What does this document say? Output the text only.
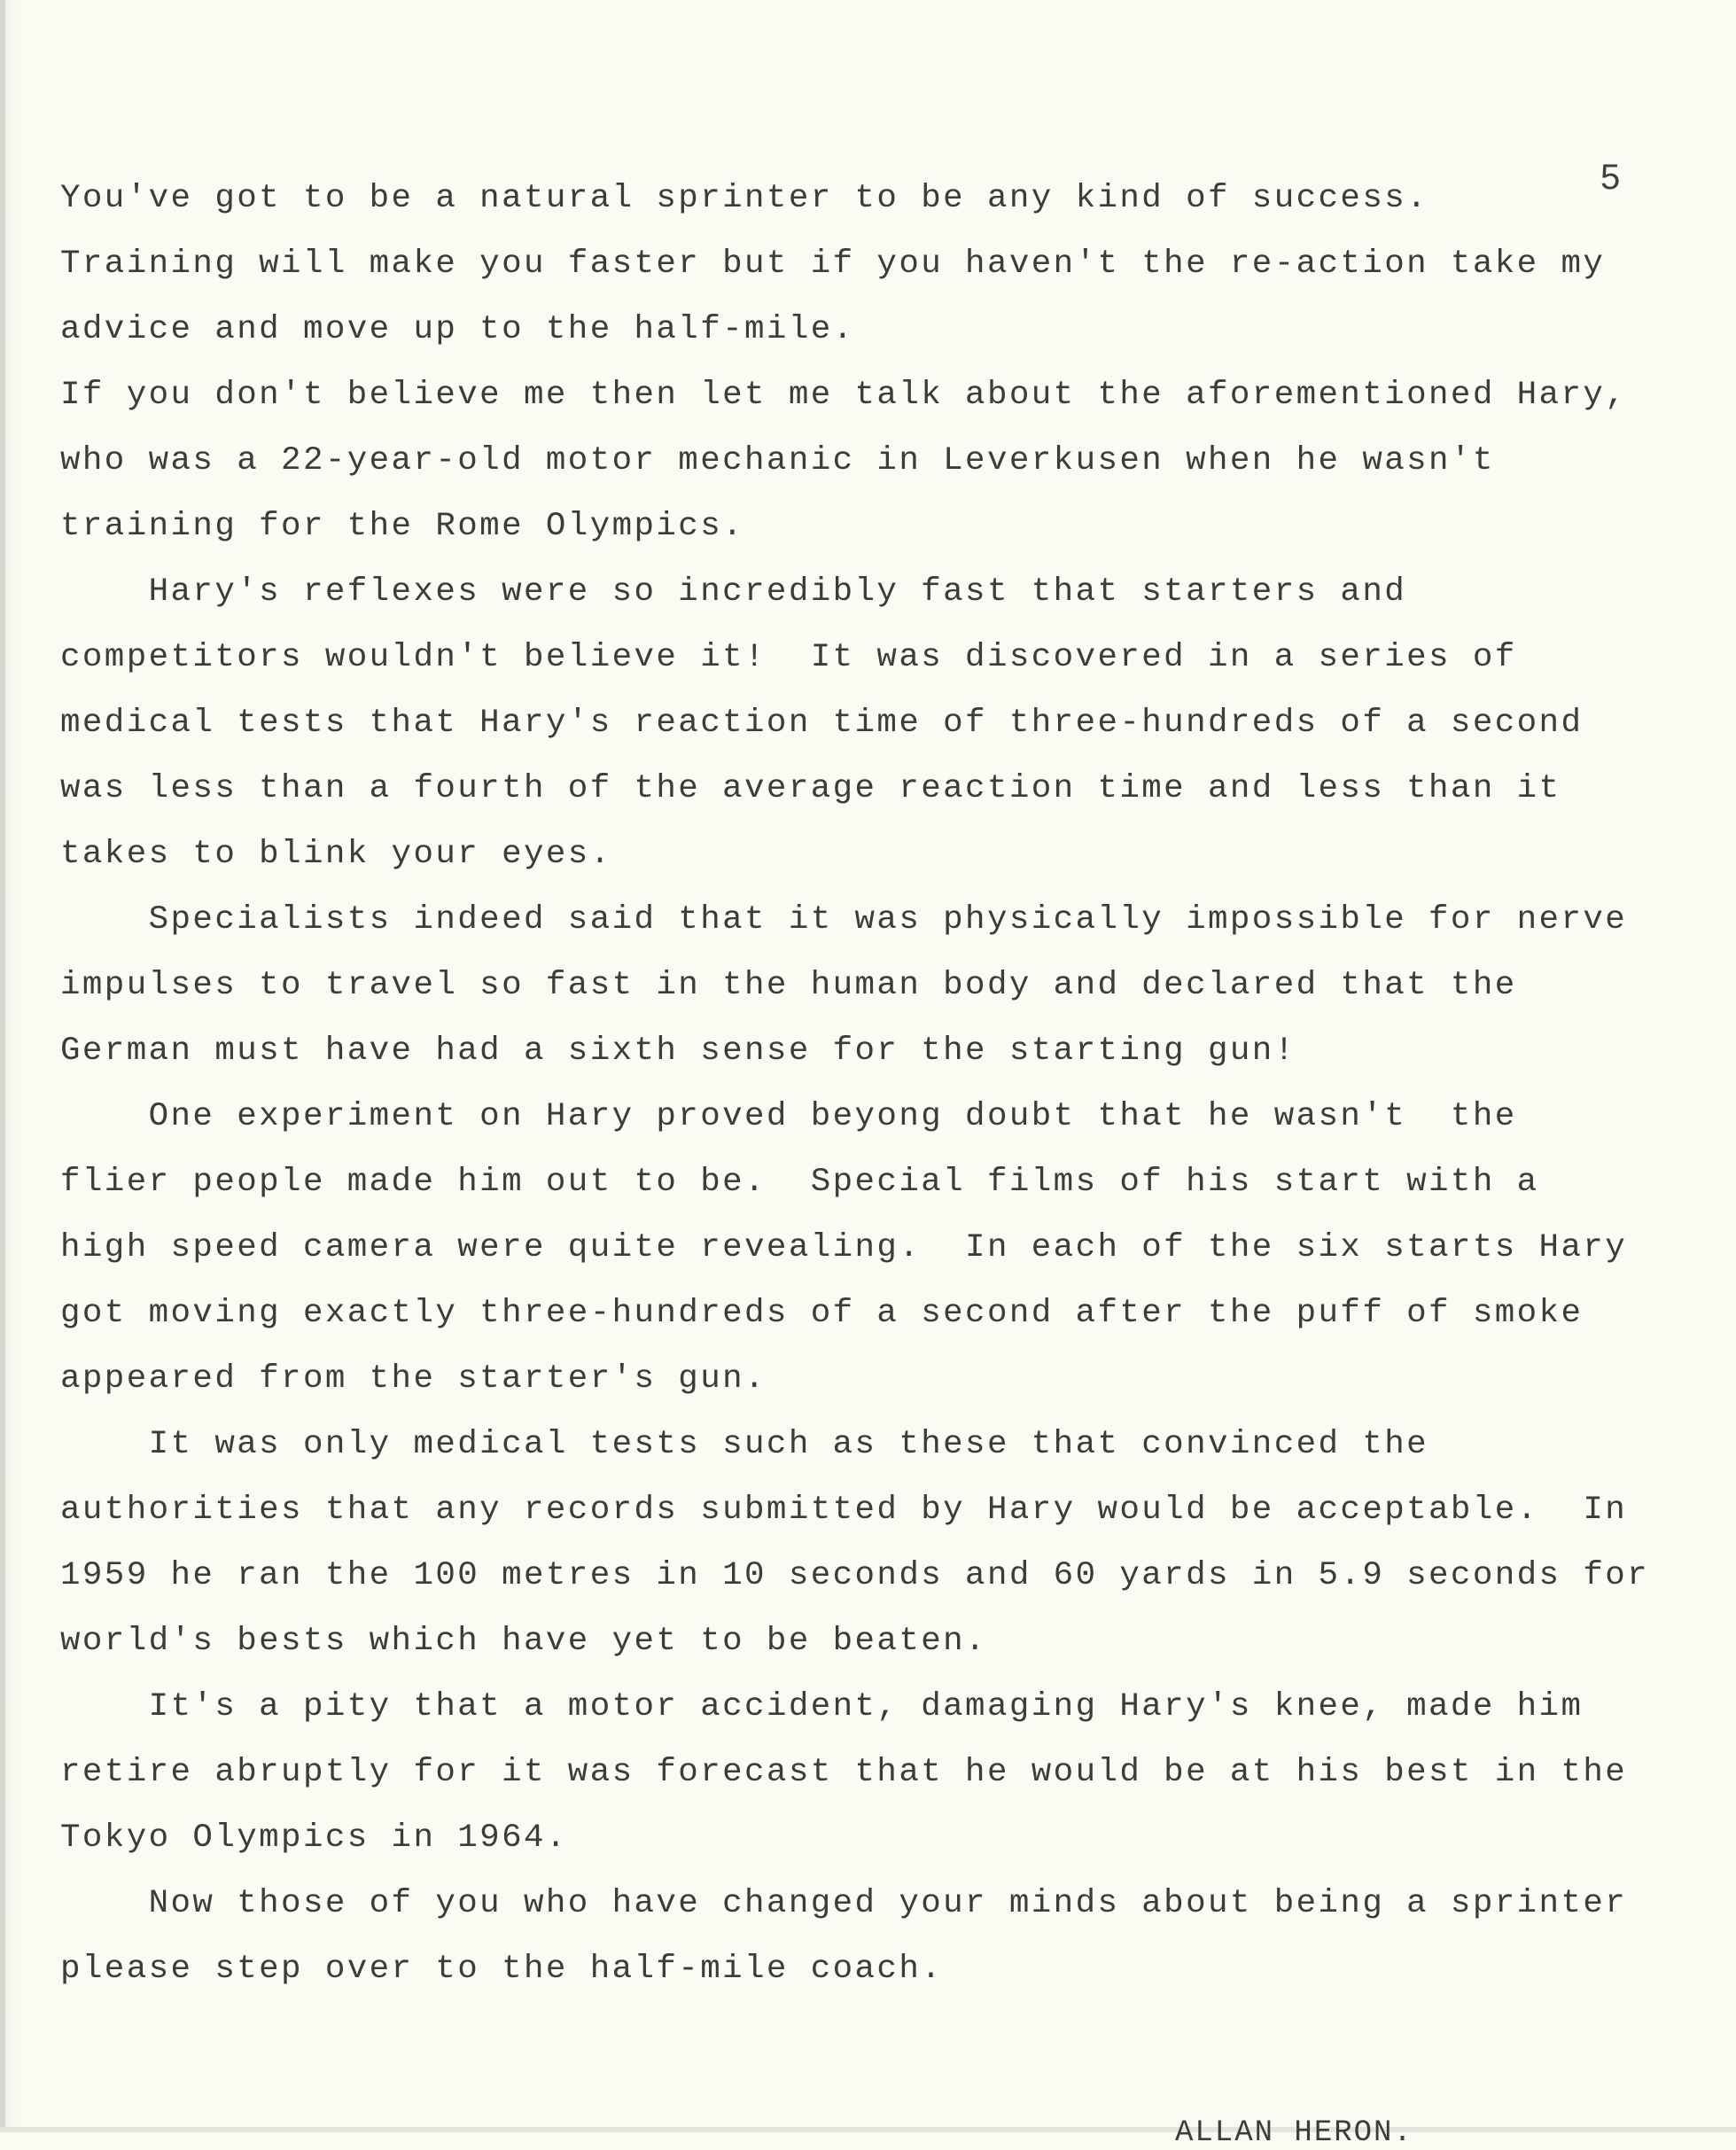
5
You've got to be a natural sprinter to be any kind of success.
Training will make you faster but if you haven't the re-action take my
advice and move up to the half-mile.
If you don't believe me then let me talk about the aforementioned Hary,
who was a 22-year-old motor mechanic in Leverkusen when he wasn't
training for the Rome Olympics.
Hary's reflexes were so incredibly fast that starters and
competitors wouldn't believe it!  It was discovered in a series of
medical tests that Hary's reaction time of three-hundreds of a second
was less than a fourth of the average reaction time and less than it
takes to blink your eyes.
Specialists indeed said that it was physically impossible for nerve
impulses to travel so fast in the human body and declared that the
German must have had a sixth sense for the starting gun!
One experiment on Hary proved beyong doubt that he wasn't  the
flier people made him out to be.  Special films of his start with a
high speed camera were quite revealing.  In each of the six starts Hary
got moving exactly three-hundreds of a second after the puff of smoke
appeared from the starter's gun.
It was only medical tests such as these that convinced the
authorities that any records submitted by Hary would be acceptable.  In
1959 he ran the 100 metres in 10 seconds and 60 yards in 5.9 seconds for
world's bests which have yet to be beaten.
It's a pity that a motor accident, damaging Hary's knee, made him
retire abruptly for it was forecast that he would be at his best in the
Tokyo Olympics in 1964.
Now those of you who have changed your minds about being a sprinter
please step over to the half-mile coach.
ALLAN HERON.
